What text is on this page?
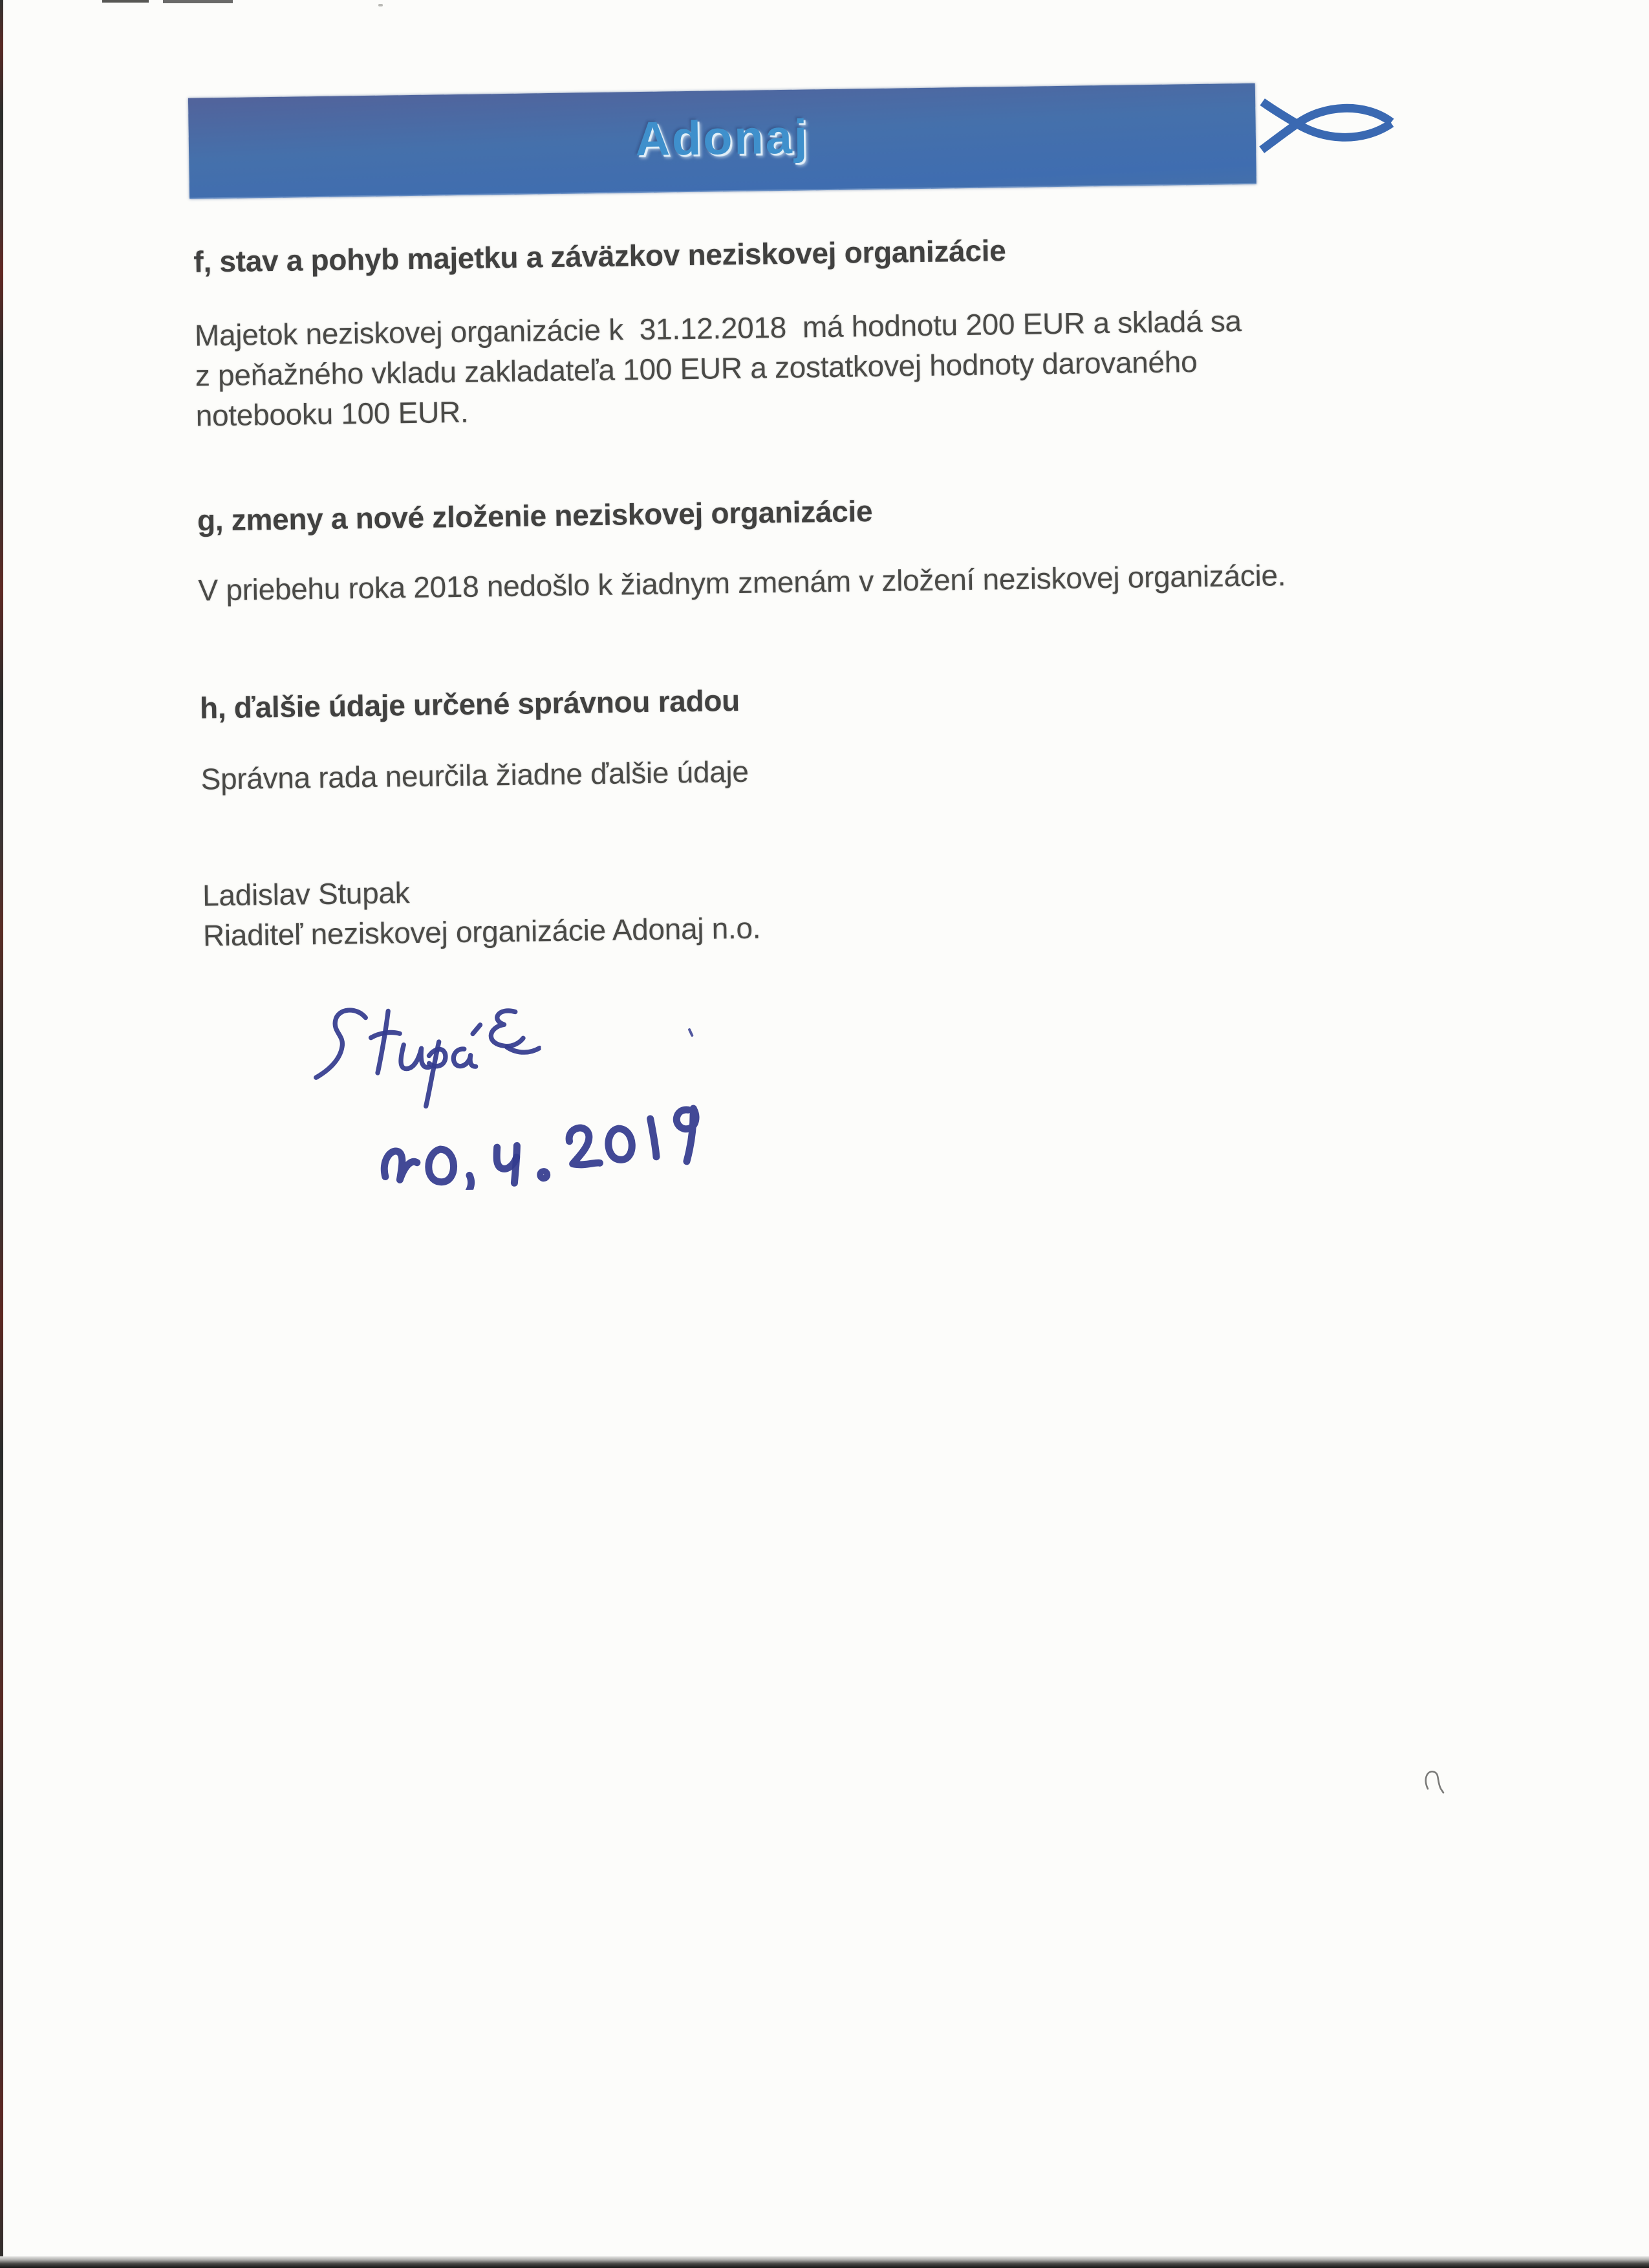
Adonaj
f, stav a pohyb majetku a záväzkov neziskovej organizácie

Majetok neziskovej organizácie k  31.12.2018  má hodnotu 200 EUR a skladá sa

z peňažného vkladu zakladateľa 100 EUR a zostatkovej hodnoty darovaného

notebooku 100 EUR.

g, zmeny a nové zloženie neziskovej organizácie

V priebehu roka 2018 nedošlo k žiadnym zmenám v zložení neziskovej organizácie.

h, ďalšie údaje určené správnou radou

Správna rada neurčila žiadne ďalšie údaje

Ladislav Stupak

Riaditeľ neziskovej organizácie Adonaj n.o.
